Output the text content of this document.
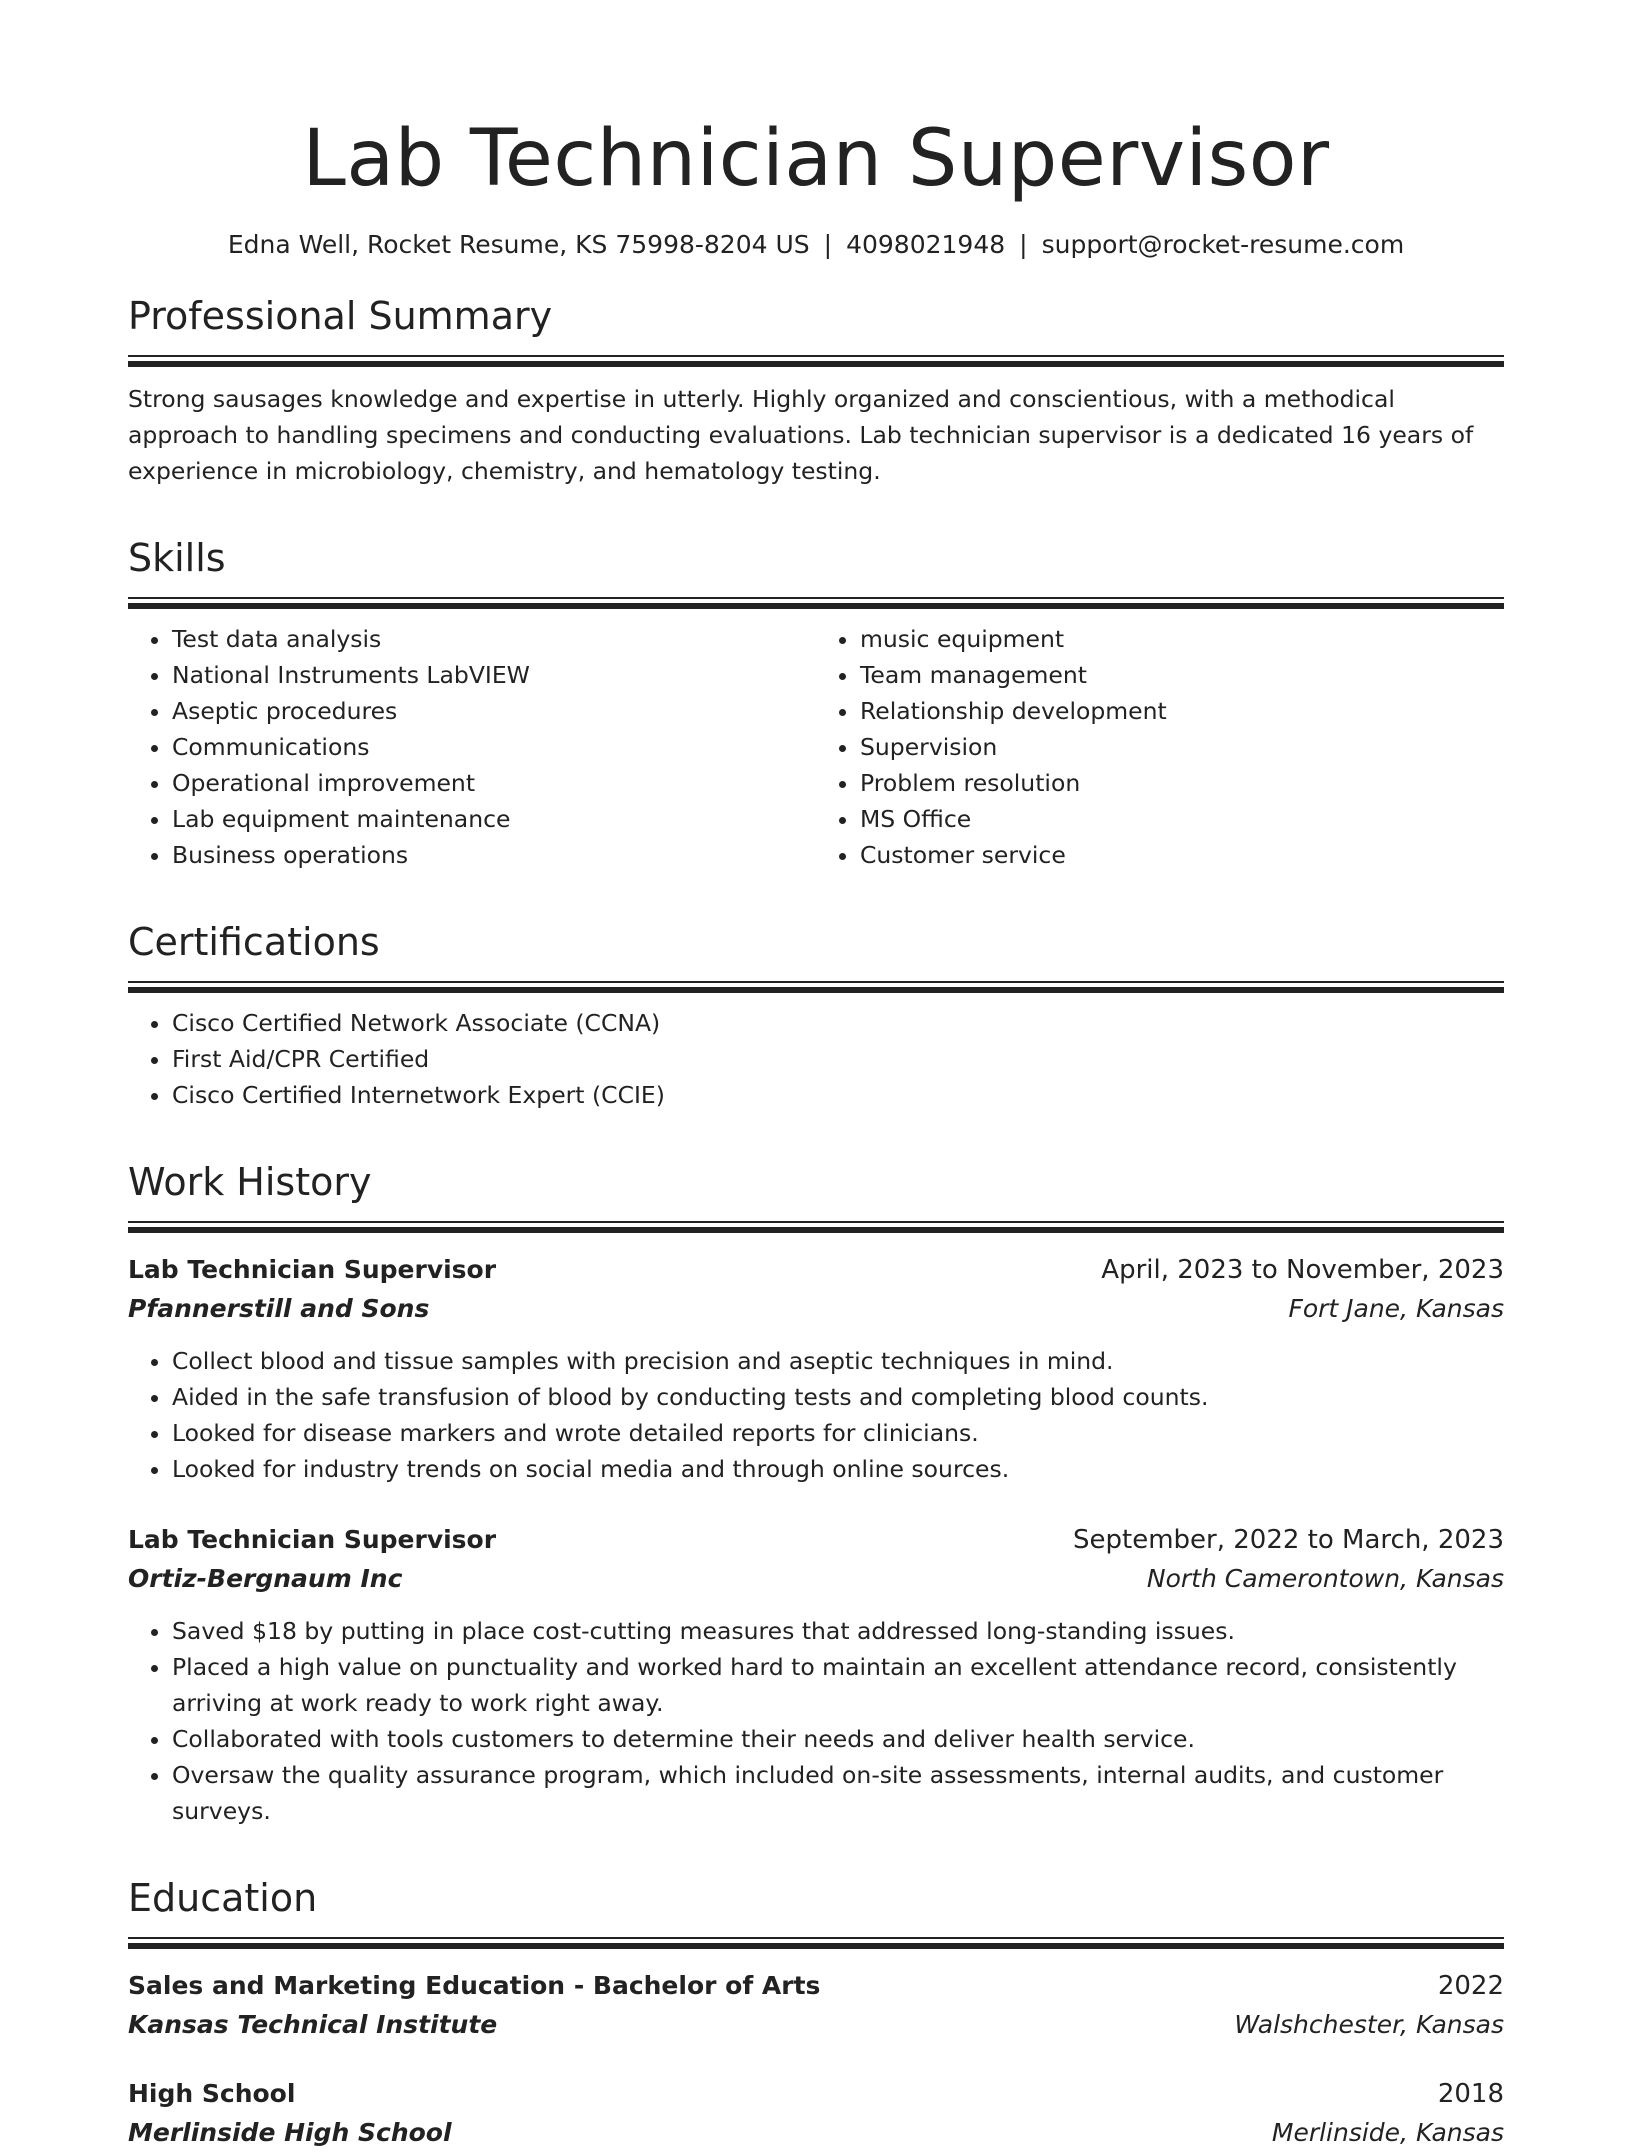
Lab Technician Supervisor
Edna Well, Rocket Resume, KS 75998-8204 US | 4098021948 | support@rocket-resume.com
Professional Summary

Strong sausages knowledge and expertise in utterly. Highly organized and conscientious, with a methodical approach to handling specimens and conducting evaluations. Lab technician supervisor is a dedicated 16 years of experience in microbiology, chemistry, and hematology testing.

Skills
• Test data analysis
• National Instruments LabVIEW
• Aseptic procedures
• Communications
• Operational improvement
• Lab equipment maintenance
• Business operations
• music equipment
• Team management
• Relationship development
• Supervision
• Problem resolution
• MS Office
• Customer service
Certifications
• Cisco Certified Network Associate (CCNA)
• First Aid/CPR Certified
• Cisco Certified Internetwork Expert (CCIE)
Work History
Lab Technician Supervisor	April, 2023 to November, 2023
Pfannerstill and Sons	Fort Jane, Kansas
• Collect blood and tissue samples with precision and aseptic techniques in mind.
• Aided in the safe transfusion of blood by conducting tests and completing blood counts.
• Looked for disease markers and wrote detailed reports for clinicians.
• Looked for industry trends on social media and through online sources.
Lab Technician Supervisor	September, 2022 to March, 2023
Ortiz-Bergnaum Inc	North Camerontown, Kansas
• Saved $18 by putting in place cost-cutting measures that addressed long-standing issues.
• Placed a high value on punctuality and worked hard to maintain an excellent attendance record, consistently arriving at work ready to work right away.
• Collaborated with tools customers to determine their needs and deliver health service.
• Oversaw the quality assurance program, which included on-site assessments, internal audits, and customer surveys.
Education
Sales and Marketing Education - Bachelor of Arts	2022
Kansas Technical Institute	Walshchester, Kansas
High School	2018
Merlinside High School	Merlinside, Kansas
